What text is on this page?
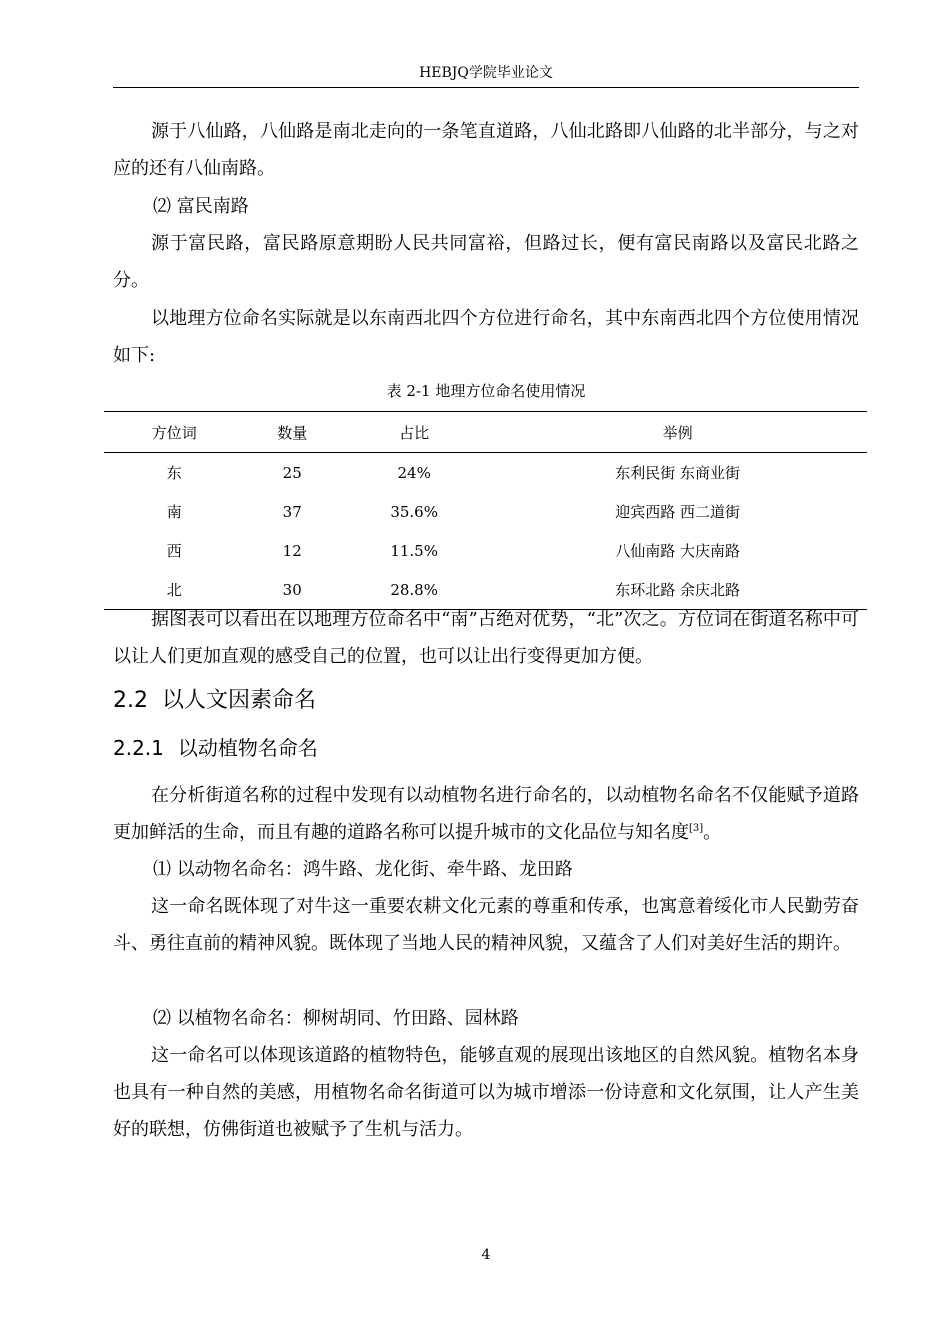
HEBJQ学院毕业论文

源于八仙路，八仙路是南北走向的一条笔直道路，八仙北路即八仙路的北半部分，与之对应的还有八仙南路。

⑵ 富民南路

源于富民路，富民路原意期盼人民共同富裕，但路过长，便有富民南路以及富民北路之分。

以地理方位命名实际就是以东南西北四个方位进行命名，其中东南西北四个方位使用情况如下:

表 2-1 地理方位命名使用情况
方位词	数量	占比	举例
东	25	24%	东利民街 东商业街
南	37	35.6%	迎宾西路 西二道街
西	12	11.5%	八仙南路 大庆南路
北	30	28.8%	东环北路 余庆北路

据图表可以看出在以地理方位命名中“南”占绝对优势，“北”次之。方位词在街道名称中可以让人们更加直观的感受自己的位置，也可以让出行变得更加方便。

2.2 以人文因素命名
2.2.1 以动植物名命名

在分析街道名称的过程中发现有以动植物名进行命名的，以动植物名命名不仅能赋予道路更加鲜活的生命，而且有趣的道路名称可以提升城市的文化品位与知名度[3]。

⑴ 以动物名命名：鸿牛路、龙化街、牵牛路、龙田路

这一命名既体现了对牛这一重要农耕文化元素的尊重和传承，也寓意着绥化市人民勤劳奋斗、勇往直前的精神风貌。既体现了当地人民的精神风貌，又蕴含了人们对美好生活的期许。

⑵ 以植物名命名：柳树胡同、竹田路、园林路

这一命名可以体现该道路的植物特色，能够直观的展现出该地区的自然风貌。植物名本身也具有一种自然的美感，用植物名命名街道可以为城市增添一份诗意和文化氛围，让人产生美好的联想，仿佛街道也被赋予了生机与活力。

4
